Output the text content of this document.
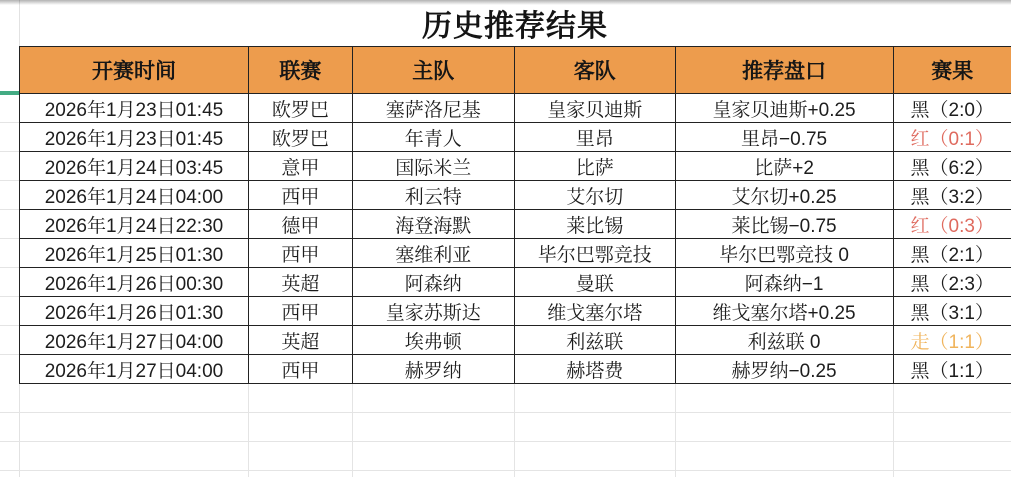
历史推荐结果
开赛时间	联赛	主队	客队	推荐盘口	赛果
2026年1月23日01:45	欧罗巴	塞萨洛尼基	皇家贝迪斯	皇家贝迪斯+0.25	黑（2:0）
2026年1月23日01:45	欧罗巴	年青人	里昂	里昂−0.75	红（0:1）
2026年1月24日03:45	意甲	国际米兰	比萨	比萨+2	黑（6:2）
2026年1月24日04:00	西甲	利云特	艾尔切	艾尔切+0.25	黑（3:2）
2026年1月24日22:30	德甲	海登海默	莱比锡	莱比锡−0.75	红（0:3）
2026年1月25日01:30	西甲	塞维利亚	毕尔巴鄂竞技	毕尔巴鄂竞技 0	黑（2:1）
2026年1月26日00:30	英超	阿森纳	曼联	阿森纳−1	黑（2:3）
2026年1月26日01:30	西甲	皇家苏斯达	维戈塞尔塔	维戈塞尔塔+0.25	黑（3:1）
2026年1月27日04:00	英超	埃弗顿	利兹联	利兹联 0	走（1:1）
2026年1月27日04:00	西甲	赫罗纳	赫塔费	赫罗纳−0.25	黑（1:1）
